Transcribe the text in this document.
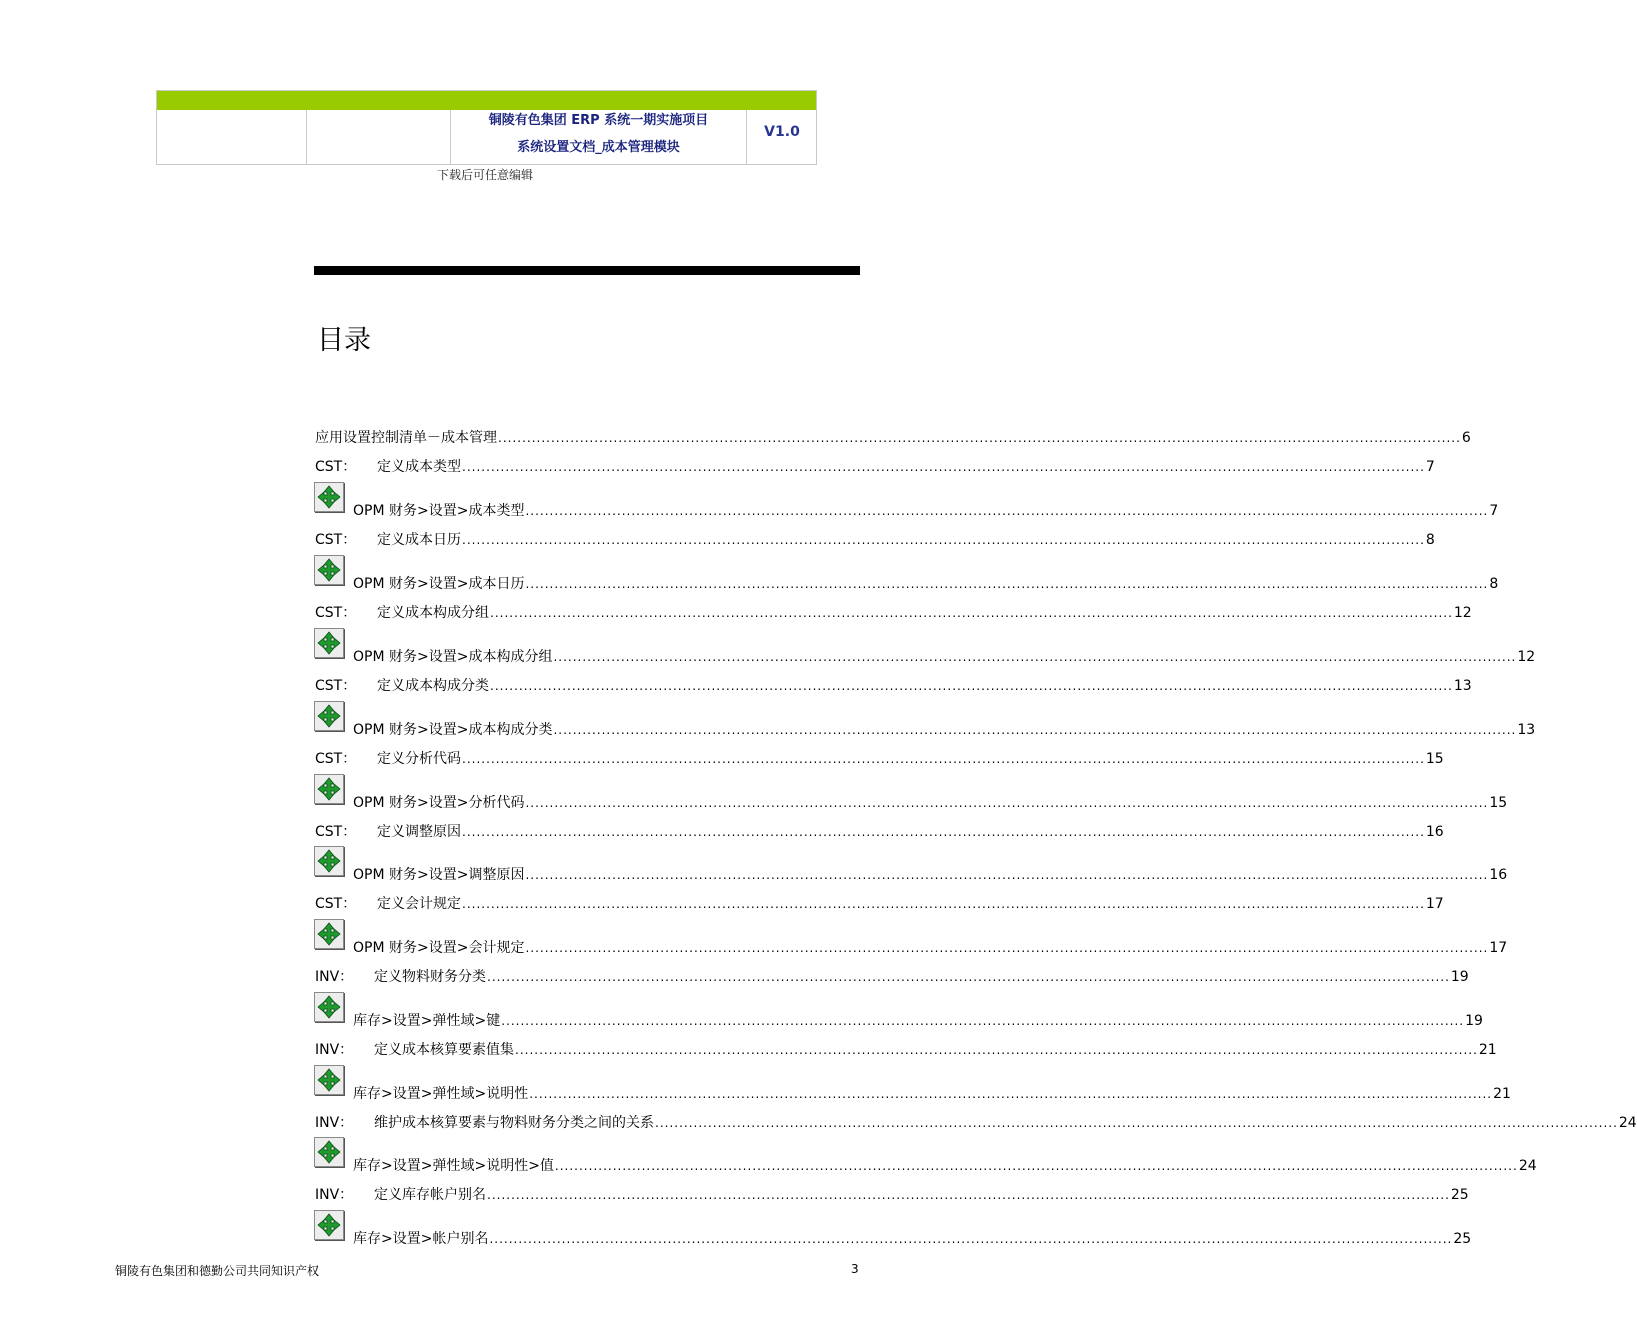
铜陵有色集团 ERP 系统一期实施项目
系统设置文档_成本管理模块
V1.0
下载后可任意编辑
目录
应用设置控制清单－成本管理 ........................................................................................................................................................................................................ 6
CST： 定义成本类型 ........................................................................................................................................................................................................ 7
OPM 财务>设置>成本类型 ........................................................................................................................................................................................................ 7
CST： 定义成本日历 ........................................................................................................................................................................................................ 8
OPM 财务>设置>成本日历 ........................................................................................................................................................................................................ 8
CST： 定义成本构成分组 ........................................................................................................................................................................................................ 12
OPM 财务>设置>成本构成分组 ........................................................................................................................................................................................................ 12
CST： 定义成本构成分类 ........................................................................................................................................................................................................ 13
OPM 财务>设置>成本构成分类 ........................................................................................................................................................................................................ 13
CST： 定义分析代码 ........................................................................................................................................................................................................ 15
OPM 财务>设置>分析代码 ........................................................................................................................................................................................................ 15
CST： 定义调整原因 ........................................................................................................................................................................................................ 16
OPM 财务>设置>调整原因 ........................................................................................................................................................................................................ 16
CST： 定义会计规定 ........................................................................................................................................................................................................ 17
OPM 财务>设置>会计规定 ........................................................................................................................................................................................................ 17
INV： 定义物料财务分类 ........................................................................................................................................................................................................ 19
库存>设置>弹性域>键 ........................................................................................................................................................................................................ 19
INV： 定义成本核算要素值集 ........................................................................................................................................................................................................ 21
库存>设置>弹性域>说明性 ........................................................................................................................................................................................................ 21
INV： 维护成本核算要素与物料财务分类之间的关系 ........................................................................................................................................................................................................ 24
库存>设置>弹性域>说明性>值 ........................................................................................................................................................................................................ 24
INV： 定义库存帐户别名 ........................................................................................................................................................................................................ 25
库存>设置>帐户别名 ........................................................................................................................................................................................................ 25
铜陵有色集团和德勤公司共同知识产权	3
